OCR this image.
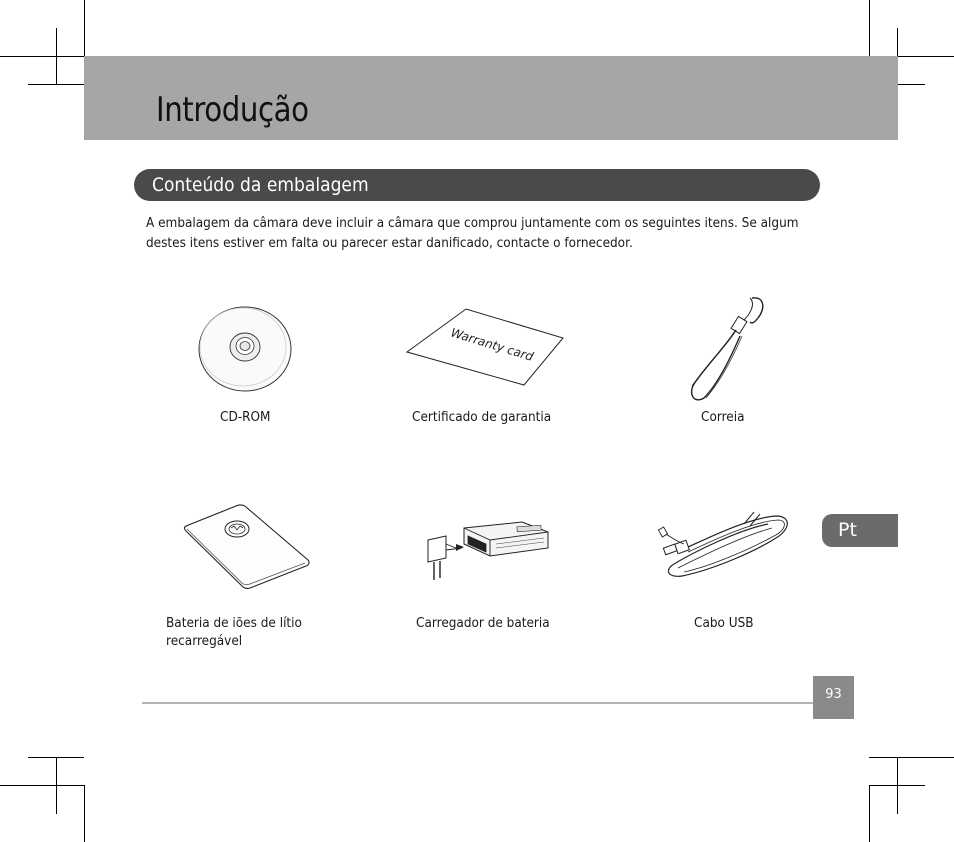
Introdução
Conteúdo da embalagem
A embalagem da câmara deve incluir a câmara que comprou juntamente com os seguintes itens. Se algum
destes itens estiver em falta ou parecer estar danificado, contacte o fornecedor.
CD-ROM
Warranty card
Certificado de garantia	Correia
Bateria de iões de lítio
recarregável
Carregador de bateria	Cabo USB
Pt
93
